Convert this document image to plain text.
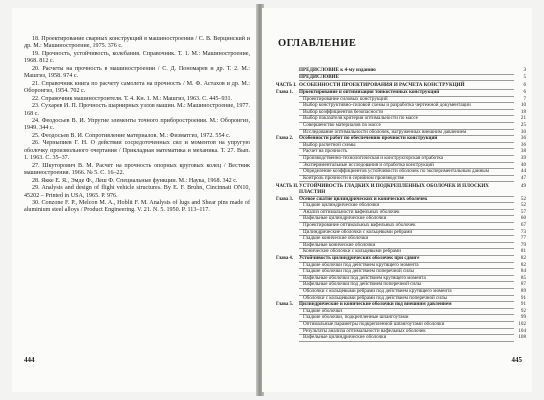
18. Проектирование сварных конструкций в машиностроении / С. В. Верцинский и др. М.: Машиностроение, 1975. 376 с.

19. Прочность, устойчивость, колебания. Справочник. Т. 1. М.: Машиностроение, 1968. 812 с.

20. Расчеты на прочность в машиностроении / С. Д. Пономарев и др. Т. 2. М.: Машгиз, 1958. 974 с.

21. Справочник книга по расчету самолета на прочность / М. Ф. Астахов и др. М.: Оборонгиз, 1954. 702 с.

22. Справочник машиностроителя. Т. 4. Кн. 1. М.: Машгиз, 1963. С. 445–931.

23. Сухарев И. П. Прочность шарнирных узлов машин. М.: Машиностроение, 1977. 168 с.

24. Феодосьев В. И. Упругие элементы точного приборостроения. М.: Оборонгиз, 1949. 344 с.

25. Феодосьев В. И. Сопротивление материалов. М.: Физматгиз, 1972. 554 с.

26. Черныпиев Г. Н. О действии сосредоточенных сил и моментов на упругую оболочку произвольного очертания / Прикладная математика и механика. Т. 27. Вып. 1. 1963. С. 35–37.

27. Шкуторович В. М. Расчет на прочность опорных круговых колец / Вестник машиностроения. 1966. № 5. С. 16–22.

28. Якке Е. Я., Эмде Ф., Леш Ф. Специальные функции. М.: Наука, 1968. 342 с.

29. Analysis and design of flight vehicle structures. By E. F. Bruhn, Cincinnati ON10, 45202 – Printed in USA, 1965. P. 976.

30. Conzone F. P., Melcon M. A., Hoblit F. M. Analysis of lugs and Shear pins made of aluminium steel alloys / Product Engineering. V. 21. N. 5. 1950. P. 113–117.

444
ОГЛАВЛЕНИЕ
ПРЕДИСЛОВИЕ к 4-му изданию	3
ПРЕДИСЛОВИЕ	5
ЧАСТЬ I. ОСОБЕННОСТИ ПРОЕКТИРОВАНИЯ И РАСЧЕТА КОНСТРУКЦИЙ	6
Глава 1.	Проектирование и оптимизация тонкостенных конструкций	6
Проектирование силовых конструкций	7
Выбор конструктивно-силовой схемы и разработка чертежной документации	10
Выбор коэффициентов безопасности	18
Выбор показателя критерия оптимальности по массе	21
Совершенство материалов по массе	25
Исследование оптимальности оболочек, нагруженных внешним давлением	30
Глава 2.	Особенности работ по обеспечению прочности конструкций	36
Выбор расчетной схемы	36
Расчет на прочность	38
Производственно-технологическая и конструкторская отработка	39
Экспериментальные исследования и отработка конструкций	40
Определение коэффициентов устойчивости оболочек по экспериментальным данным	44
Контроль прочности в серийном производстве	47
ЧАСТЬ II. УСТОЙЧИВОСТЬ ГЛАДКИХ И ПОДКРЕПЛЕННЫХ ОБОЛОЧЕК И ПЛОСКИХ ПЛАСТИН
49
Глава 3.	Осевое сжатие цилиндрических и конических оболочек	52
Гладкие цилиндрические оболочки	52
Анализ оптимальности вафельных оболочек	57
Вафельные цилиндрические оболочки	60
Проектирование оптимальных вафельных оболочек	67
Цилиндрические оболочки с кольцевыми ребрами	73
Гладкие конические оболочки	77
Вафельные конические оболочки	79
Конические оболочки с кольцевыми ребрами	81
Глава 4.	Устойчивость цилиндрических оболочек при сдвиге	82
Гладкие оболочки под действием крутящего момента	82
Гладкие оболочки под действием поперечной силы	84
Вафельные оболочки под действием крутящего момента	85
Вафельные оболочки под действием поперечной силы	87
Оболочки с кольцевыми ребрами под действием крутящего момента	89
Оболочки с кольцевыми ребрами под действием поперечной силы	91
Глава 5.	Цилиндрические и конические оболочки под внешним давлением	91
Гладкие оболочки	92
Гладкие оболочки, подкрепленные шпангоутами	99
Оптимальные параметры подкрепленной шпангоутами оболочки	102
Результаты анализа оптимальности вафельных оболочек	104
Вафельные цилиндрические оболочки	108
445
